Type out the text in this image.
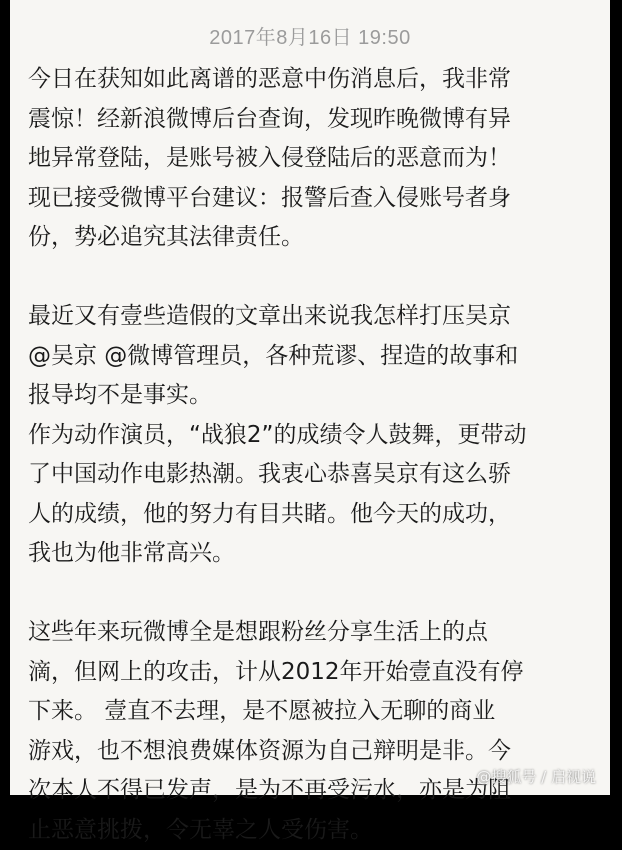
2017年8月16日 19:50
今日在获知如此离谱的恶意中伤消息后，我非常
震惊！经新浪微博后台查询，发现昨晚微博有异
地异常登陆，是账号被入侵登陆后的恶意而为！
现已接受微博平台建议：报警后查入侵账号者身
份，势必追究其法律责任。
最近又有壹些造假的文章出来说我怎样打压吴京
@吴京 @微博管理员，各种荒谬、捏造的故事和
报导均不是事实。
作为动作演员，“战狼2”的成绩令人鼓舞，更带动
了中国动作电影热潮。我衷心恭喜吴京有这么骄
人的成绩，他的努力有目共睹。他今天的成功，
我也为他非常高兴。
这些年来玩微博全是想跟粉丝分享生活上的点
滴，但网上的攻击，计从2012年开始壹直没有停
下来。 壹直不去理，是不愿被拉入无聊的商业
游戏，也不想浪费媒体资源为自己辩明是非。今
次本人不得已发声，是为不再受污水，亦是为阻
止恶意挑拨，令无辜之人受伤害。
@搜狐号 / 启视说
